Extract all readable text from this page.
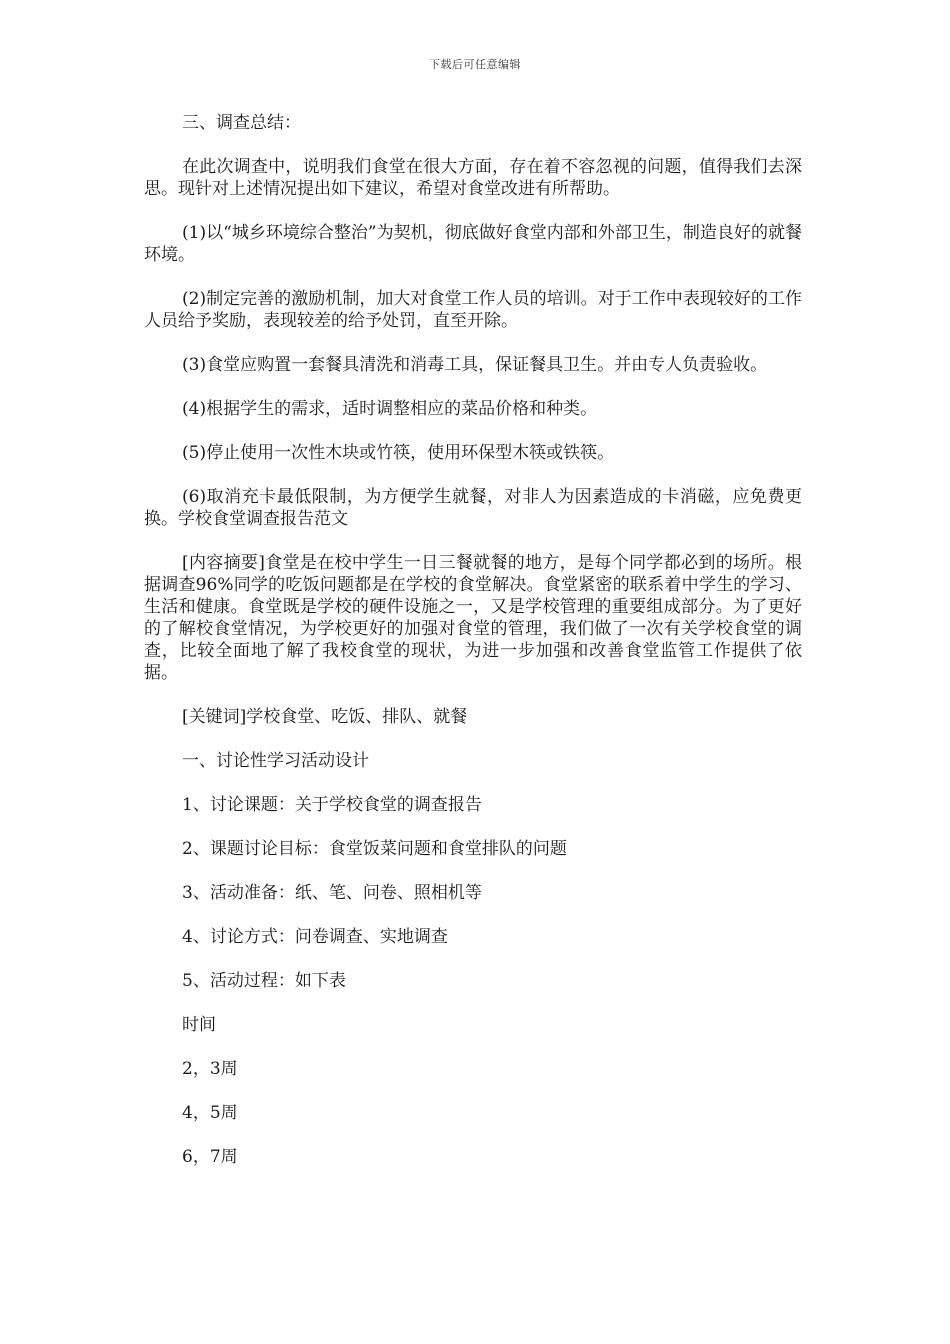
下载后可任意编辑

三、调查总结：

在此次调查中，说明我们食堂在很大方面，存在着不容忽视的问题，值得我们去深思。现针对上述情况提出如下建议，希望对食堂改进有所帮助。

(1)以“城乡环境综合整治”为契机，彻底做好食堂内部和外部卫生，制造良好的就餐环境。

(2)制定完善的激励机制，加大对食堂工作人员的培训。对于工作中表现较好的工作人员给予奖励，表现较差的给予处罚，直至开除。

(3)食堂应购置一套餐具清洗和消毒工具，保证餐具卫生。并由专人负责验收。

(4)根据学生的需求，适时调整相应的菜品价格和种类。

(5)停止使用一次性木块或竹筷，使用环保型木筷或铁筷。

(6)取消充卡最低限制，为方便学生就餐，对非人为因素造成的卡消磁，应免费更换。学校食堂调查报告范文

[内容摘要]食堂是在校中学生一日三餐就餐的地方，是每个同学都必到的场所。根据调查96%同学的吃饭问题都是在学校的食堂解决。食堂紧密的联系着中学生的学习、生活和健康。食堂既是学校的硬件设施之一，又是学校管理的重要组成部分。为了更好的了解校食堂情况，为学校更好的加强对食堂的管理，我们做了一次有关学校食堂的调查，比较全面地了解了我校食堂的现状，为进一步加强和改善食堂监管工作提供了依据。

[关键词]学校食堂、吃饭、排队、就餐

一、讨论性学习活动设计

1、讨论课题：关于学校食堂的调查报告

2、课题讨论目标：食堂饭菜问题和食堂排队的问题

3、活动准备：纸、笔、问卷、照相机等

4、讨论方式：问卷调查、实地调查

5、活动过程：如下表

时间

2，3周

4，5周

6，7周
